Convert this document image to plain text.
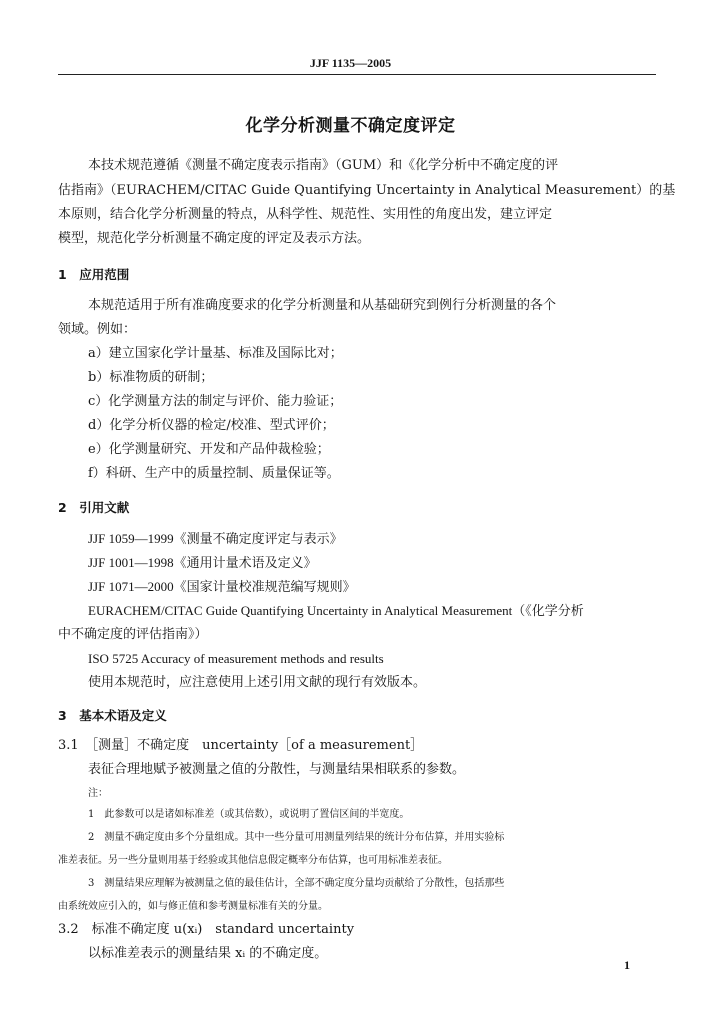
JJF 1135—2005
化学分析测量不确定度评定
本技术规范遵循《测量不确定度表示指南》（GUM）和《化学分析中不确定度的评
估指南》（EURACHEM/CITAC Guide Quantifying Uncertainty in Analytical Measurement）的基
本原则，结合化学分析测量的特点，从科学性、规范性、实用性的角度出发，建立评定
模型，规范化学分析测量不确定度的评定及表示方法。
1　应用范围
本规范适用于所有准确度要求的化学分析测量和从基础研究到例行分析测量的各个
领域。例如：
a）建立国家化学计量基、标准及国际比对；
b）标准物质的研制；
c）化学测量方法的制定与评价、能力验证；
d）化学分析仪器的检定/校准、型式评价；
e）化学测量研究、开发和产品仲裁检验；
f）科研、生产中的质量控制、质量保证等。
2　引用文献
JJF 1059—1999《测量不确定度评定与表示》
JJF 1001—1998《通用计量术语及定义》
JJF 1071—2000《国家计量校准规范编写规则》
EURACHEM/CITAC Guide Quantifying Uncertainty in Analytical Measurement（《化学分析
中不确定度的评估指南》）
ISO 5725 Accuracy of measurement methods and results
使用本规范时，应注意使用上述引用文献的现行有效版本。
3　基本术语及定义
3.1　［测量］不确定度　uncertainty［of a measurement］
表征合理地赋予被测量之值的分散性，与测量结果相联系的参数。
注：
1　此参数可以是诸如标准差（或其倍数），或说明了置信区间的半宽度。
2　测量不确定度由多个分量组成。其中一些分量可用测量列结果的统计分布估算，并用实验标
准差表征。另一些分量则用基于经验或其他信息假定概率分布估算，也可用标准差表征。
3　测量结果应理解为被测量之值的最佳估计，全部不确定度分量均贡献给了分散性，包括那些
由系统效应引入的，如与修正值和参考测量标准有关的分量。
3.2　标准不确定度 u(xᵢ)　standard uncertainty
以标准差表示的测量结果 xᵢ 的不确定度。
1
